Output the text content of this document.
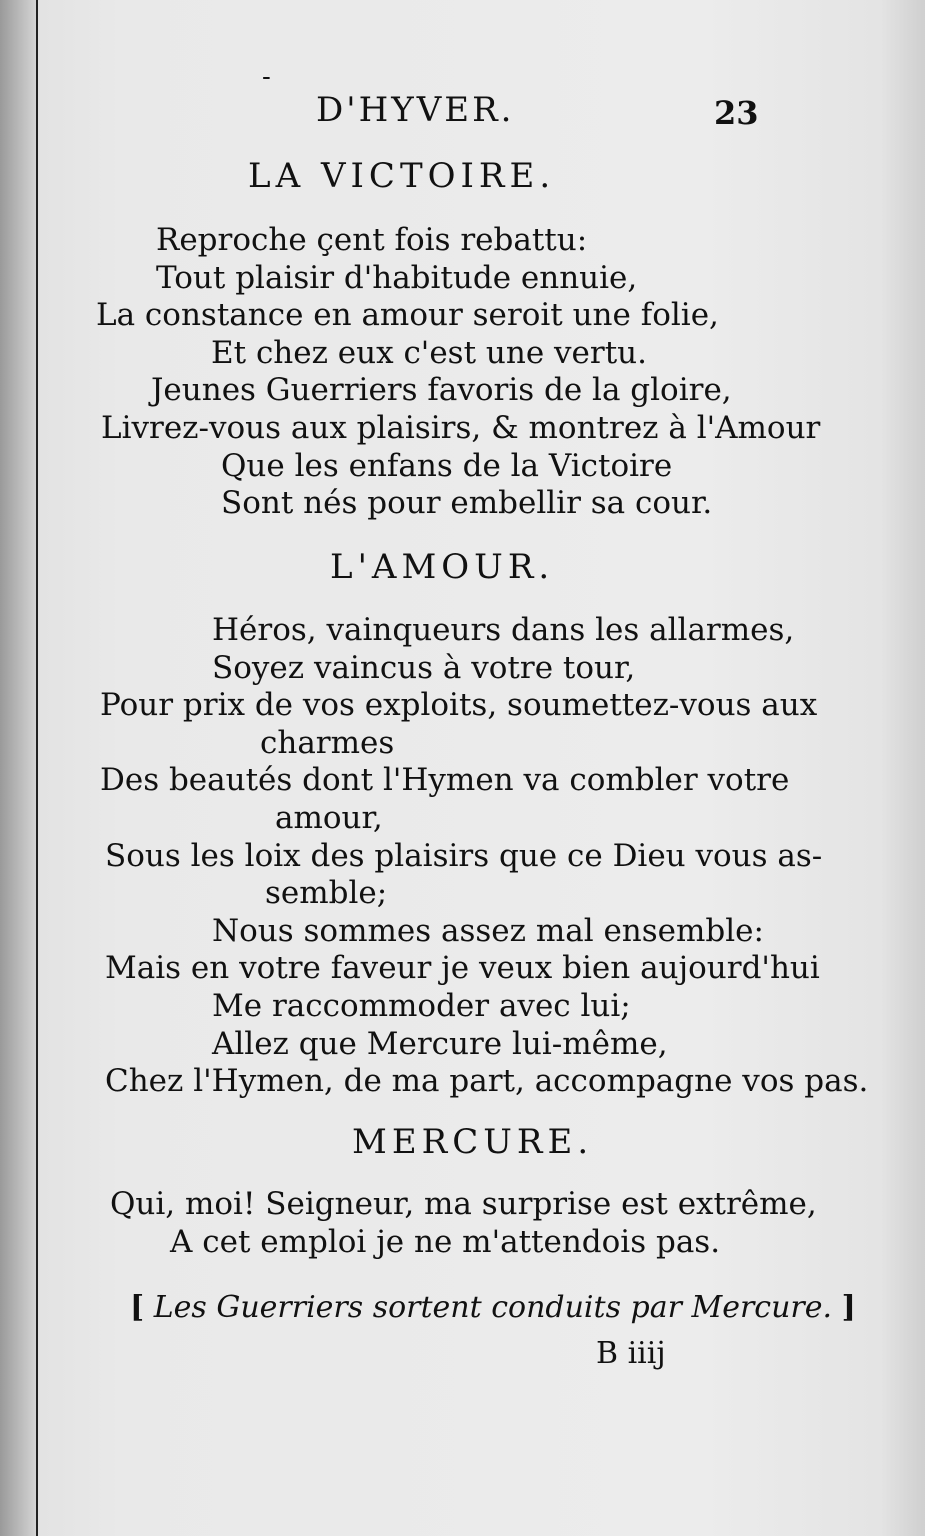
-
D'HYVER.	23
LA VICTOIRE.
Reproche çent fois rebattu:
Tout plaisir d'habitude ennuie,
La constance en amour seroit une folie,
Et chez eux c'est une vertu.
Jeunes Guerriers favoris de la gloire,
Livrez-vous aux plaisirs, & montrez à l'Amour
Que les enfans de la Victoire
Sont nés pour embellir sa cour.
L'AMOUR.
Héros, vainqueurs dans les allarmes,
Soyez vaincus à votre tour,
Pour prix de vos exploits, soumettez-vous aux
charmes
Des beautés dont l'Hymen va combler votre
amour,
Sous les loix des plaisirs que ce Dieu vous as-
semble;
Nous sommes assez mal ensemble:
Mais en votre faveur je veux bien aujourd'hui
Me raccommoder avec lui;
Allez que Mercure lui-même,
Chez l'Hymen, de ma part, accompagne vos pas.
MERCURE.
Qui, moi! Seigneur, ma surprise est extrême,
A cet emploi je ne m'attendois pas.
[ Les Guerriers sortent conduits par Mercure. ]
B iiij
